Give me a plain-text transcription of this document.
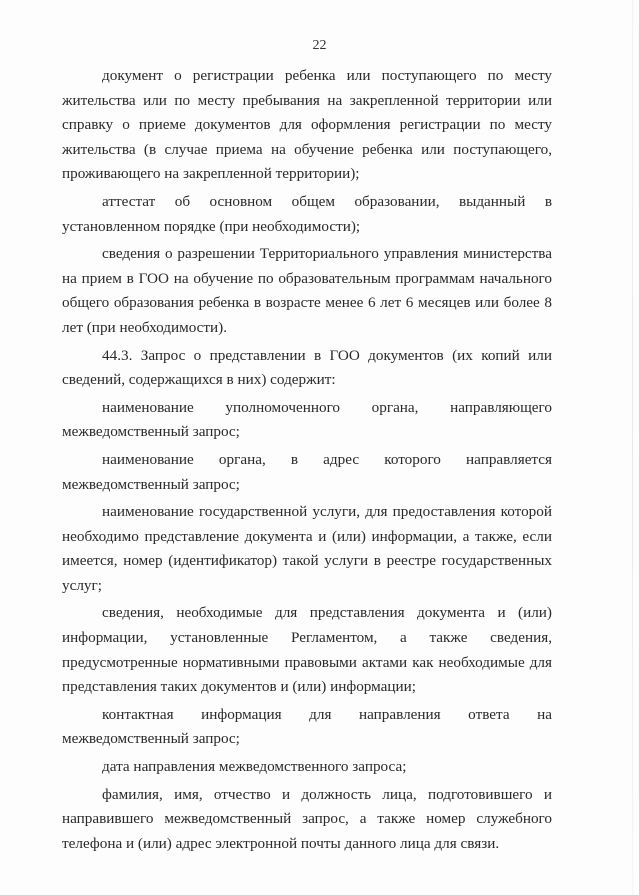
22

документ о регистрации ребенка или поступающего по месту жительства или по месту пребывания на закрепленной территории или справку о приеме документов для оформления регистрации по месту жительства (в случае приема на обучение ребенка или поступающего, проживающего на закрепленной территории);

аттестат об основном общем образовании, выданный в установленном порядке (при необходимости);

сведения о разрешении Территориального управления министерства на прием в ГОО на обучение по образовательным программам начального общего образования ребенка в возрасте менее 6 лет 6 месяцев или более 8 лет (при необходимости).

44.3. Запрос о представлении в ГОО документов (их копий или сведений, содержащихся в них) содержит:

наименование уполномоченного органа, направляющего межведомственный запрос;

наименование органа, в адрес которого направляется межведомственный запрос;

наименование государственной услуги, для предоставления которой необходимо представление документа и (или) информации, а также, если имеется, номер (идентификатор) такой услуги в реестре государственных услуг;

сведения, необходимые для представления документа и (или) информации, установленные Регламентом, а также сведения, предусмотренные нормативными правовыми актами как необходимые для представления таких документов и (или) информации;

контактная информация для направления ответа на межведомственный запрос;

дата направления межведомственного запроса;

фамилия, имя, отчество и должность лица, подготовившего и направившего межведомственный запрос, а также номер служебного телефона и (или) адрес электронной почты данного лица для связи.
